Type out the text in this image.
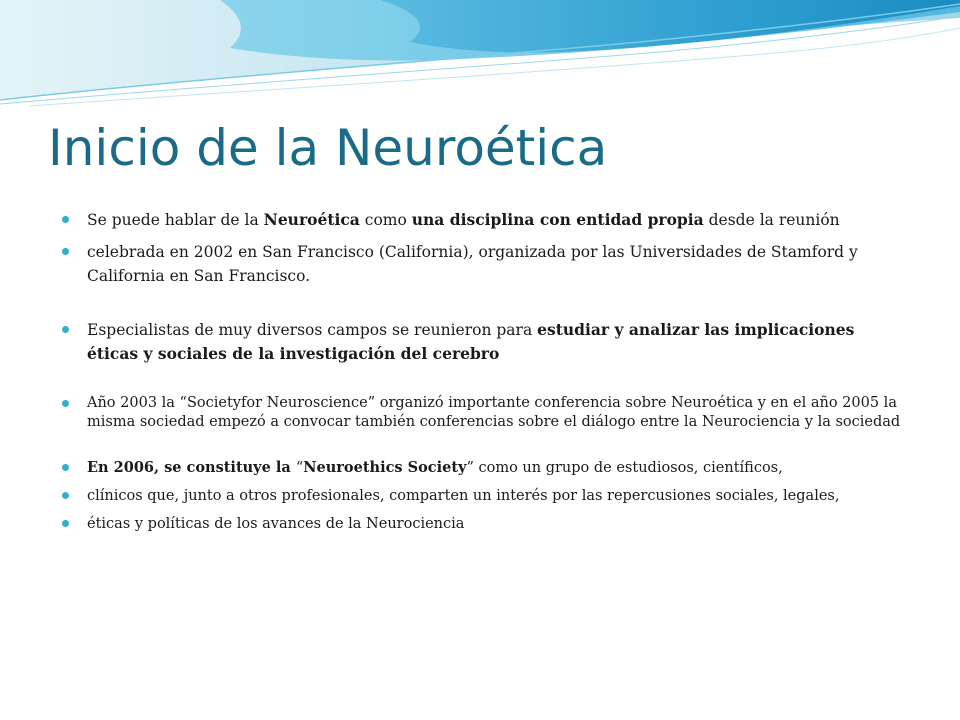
Inicio de la Neuroética
Se puede hablar de la Neuroética como una disciplina con entidad propia desde la reunión
celebrada en 2002 en San Francisco (California), organizada por las Universidades de Stamford y California en San Francisco.
Especialistas de muy diversos campos se reunieron para estudiar y analizar las implicaciones éticas y sociales de la investigación del cerebro
Año 2003 la “Societyfor Neuroscience” organizó importante conferencia sobre Neuroética y en el año 2005 la misma sociedad empezó a convocar también conferencias sobre el diálogo entre la Neurociencia y la sociedad
En 2006, se constituye la “Neuroethics Society” como un grupo de estudiosos, científicos,
clínicos que, junto a otros profesionales, comparten un interés por las repercusiones sociales, legales,
éticas y políticas de los avances de la Neurociencia
